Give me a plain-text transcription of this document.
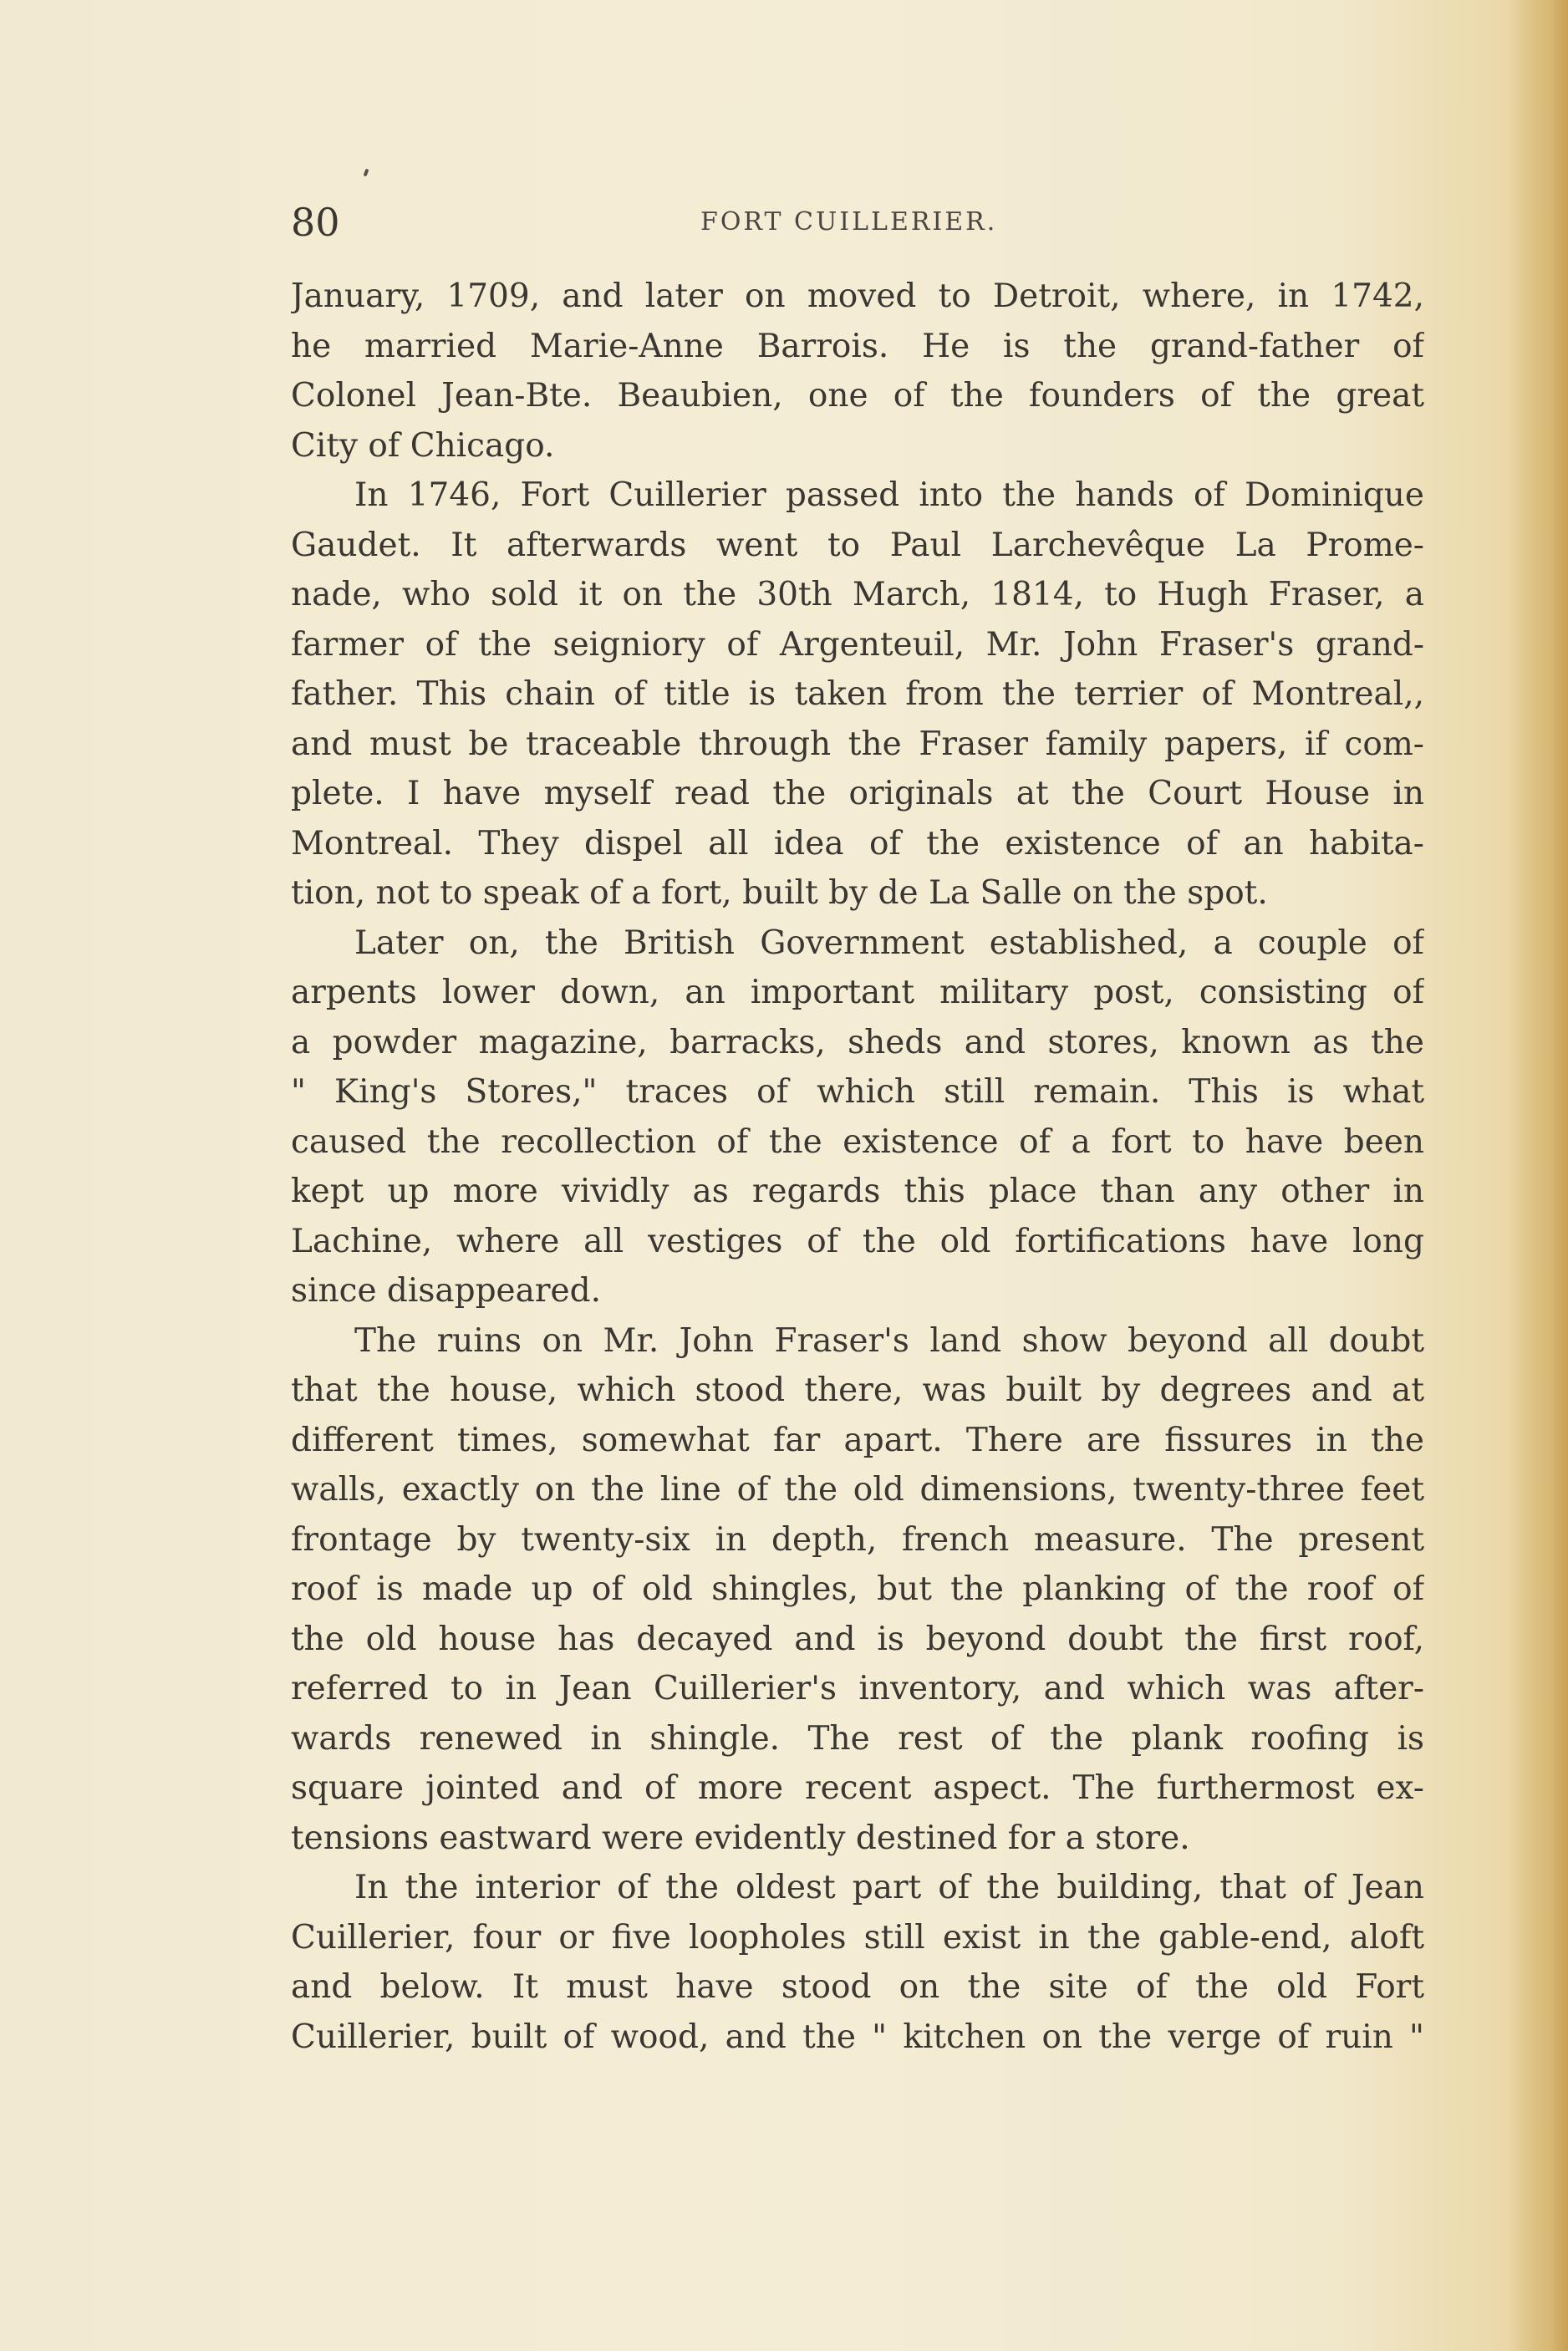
80	FORT CUILLERIER.
January, 1709, and later on moved to Detroit, where, in 1742,
he married Marie-Anne Barrois. He is the grand-father of
Colonel Jean-Bte. Beaubien, one of the founders of the great
City of Chicago.
In 1746, Fort Cuillerier passed into the hands of Dominique
Gaudet. It afterwards went to Paul Larchevêque La Prome-
nade, who sold it on the 30th March, 1814, to Hugh Fraser, a
farmer of the seigniory of Argenteuil, Mr. John Fraser's grand-
father. This chain of title is taken from the terrier of Montreal,,
and must be traceable through the Fraser family papers, if com-
plete. I have myself read the originals at the Court House in
Montreal. They dispel all idea of the existence of an habita-
tion, not to speak of a fort, built by de La Salle on the spot.
Later on, the British Government established, a couple of
arpents lower down, an important military post, consisting of
a powder magazine, barracks, sheds and stores, known as the
" King's Stores," traces of which still remain. This is what
caused the recollection of the existence of a fort to have been
kept up more vividly as regards this place than any other in
Lachine, where all vestiges of the old fortifications have long
since disappeared.
The ruins on Mr. John Fraser's land show beyond all doubt
that the house, which stood there, was built by degrees and at
different times, somewhat far apart. There are fissures in the
walls, exactly on the line of the old dimensions, twenty-three feet
frontage by twenty-six in depth, french measure. The present
roof is made up of old shingles, but the planking of the roof of
the old house has decayed and is beyond doubt the first roof,
referred to in Jean Cuillerier's inventory, and which was after-
wards renewed in shingle. The rest of the plank roofing is
square jointed and of more recent aspect. The furthermost ex-
tensions eastward were evidently destined for a store.
In the interior of the oldest part of the building, that of Jean
Cuillerier, four or five loopholes still exist in the gable-end, aloft
and below. It must have stood on the site of the old Fort
Cuillerier, built of wood, and the " kitchen on the verge of ruin "
